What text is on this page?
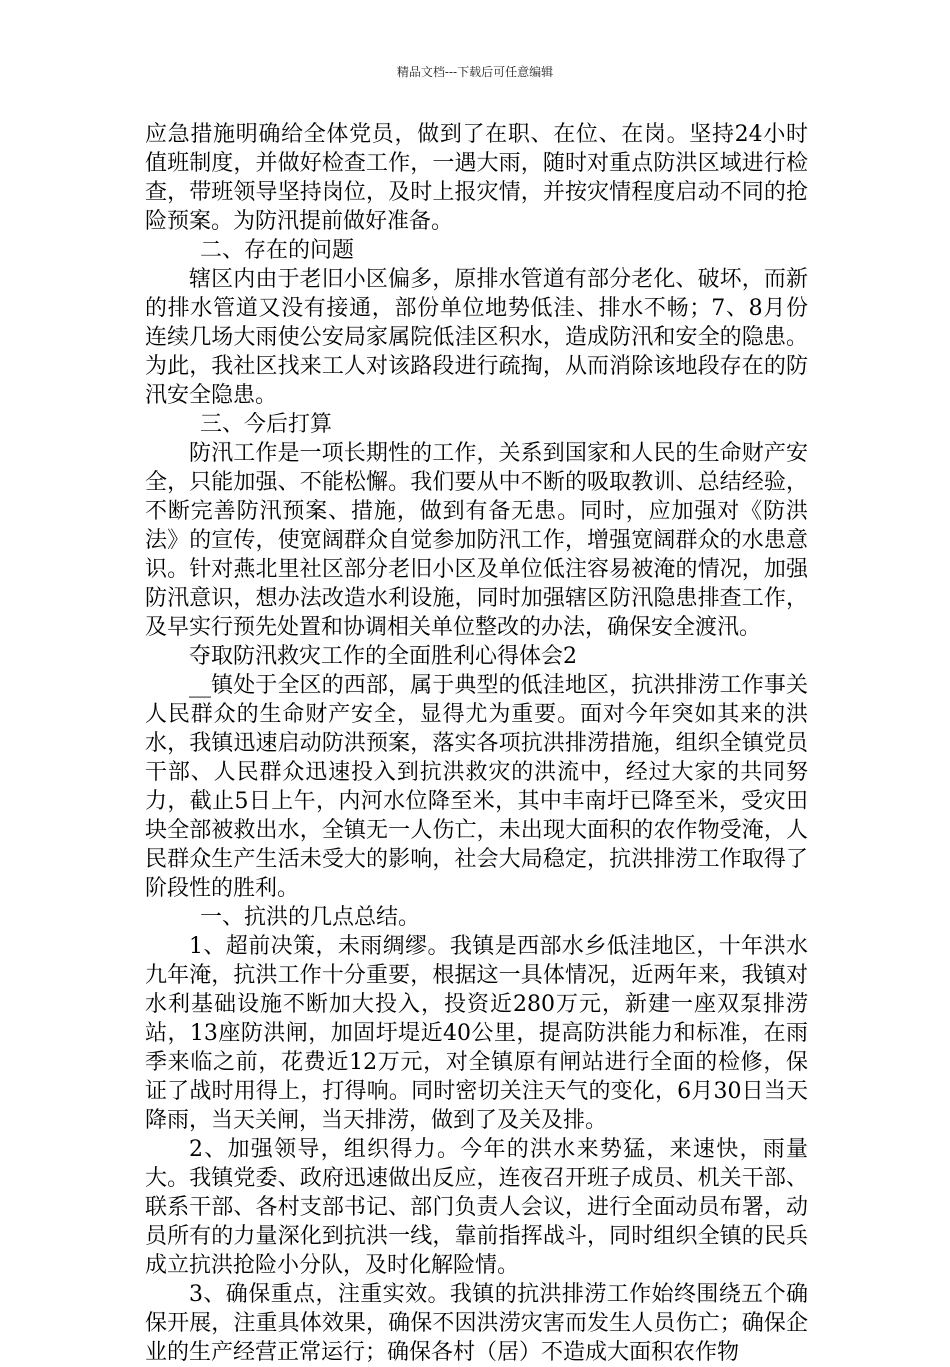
精品文档---下载后可任意编辑

应急措施明确给全体党员，做到了在职、在位、在岗。坚持24小时值班制度，并做好检查工作，一遇大雨，随时对重点防洪区域进行检查，带班领导坚持岗位，及时上报灾情，并按灾情程度启动不同的抢险预案。为防汛提前做好准备。

二、存在的问题

辖区内由于老旧小区偏多，原排水管道有部分老化、破坏，而新的排水管道又没有接通，部份单位地势低洼、排水不畅；7、8月份连续几场大雨使公安局家属院低洼区积水，造成防汛和安全的隐患。为此，我社区找来工人对该路段进行疏掏，从而消除该地段存在的防汛安全隐患。

三、今后打算

防汛工作是一项长期性的工作，关系到国家和人民的生命财产安全，只能加强、不能松懈。我们要从中不断的吸取教训、总结经验，不断完善防汛预案、措施，做到有备无患。同时，应加强对《防洪法》的宣传，使宽阔群众自觉参加防汛工作，增强宽阔群众的水患意识。针对燕北里社区部分老旧小区及单位低注容易被淹的情况，加强防汛意识，想办法改造水利设施，同时加强辖区防汛隐患排查工作，及早实行预先处置和协调相关单位整改的办法，确保安全渡汛。

夺取防汛救灾工作的全面胜利心得体会2

__镇处于全区的西部，属于典型的低洼地区，抗洪排涝工作事关人民群众的生命财产安全，显得尤为重要。面对今年突如其来的洪水，我镇迅速启动防洪预案，落实各项抗洪排涝措施，组织全镇党员干部、人民群众迅速投入到抗洪救灾的洪流中，经过大家的共同努力，截止5日上午，内河水位降至米，其中丰南圩已降至米，受灾田块全部被救出水，全镇无一人伤亡，未出现大面积的农作物受淹，人民群众生产生活未受大的影响，社会大局稳定，抗洪排涝工作取得了阶段性的胜利。

一、抗洪的几点总结。

1、超前决策，未雨绸缪。我镇是西部水乡低洼地区，十年洪水九年淹，抗洪工作十分重要，根据这一具体情况，近两年来，我镇对水利基础设施不断加大投入，投资近280万元，新建一座双泵排涝站，13座防洪闸，加固圩堤近40公里，提高防洪能力和标准，在雨季来临之前，花费近12万元，对全镇原有闸站进行全面的检修，保证了战时用得上，打得响。同时密切关注天气的变化，6月30日当天降雨，当天关闸，当天排涝，做到了及关及排。

2、加强领导，组织得力。今年的洪水来势猛，来速快，雨量大。我镇党委、政府迅速做出反应，连夜召开班子成员、机关干部、联系干部、各村支部书记、部门负责人会议，进行全面动员布署，动员所有的力量深化到抗洪一线，靠前指挥战斗，同时组织全镇的民兵成立抗洪抢险小分队，及时化解险情。

3、确保重点，注重实效。我镇的抗洪排涝工作始终围绕五个确保开展，注重具体效果，确保不因洪涝灾害而发生人员伤亡；确保企业的生产经营正常运行；确保各村（居）不造成大面积农作物
